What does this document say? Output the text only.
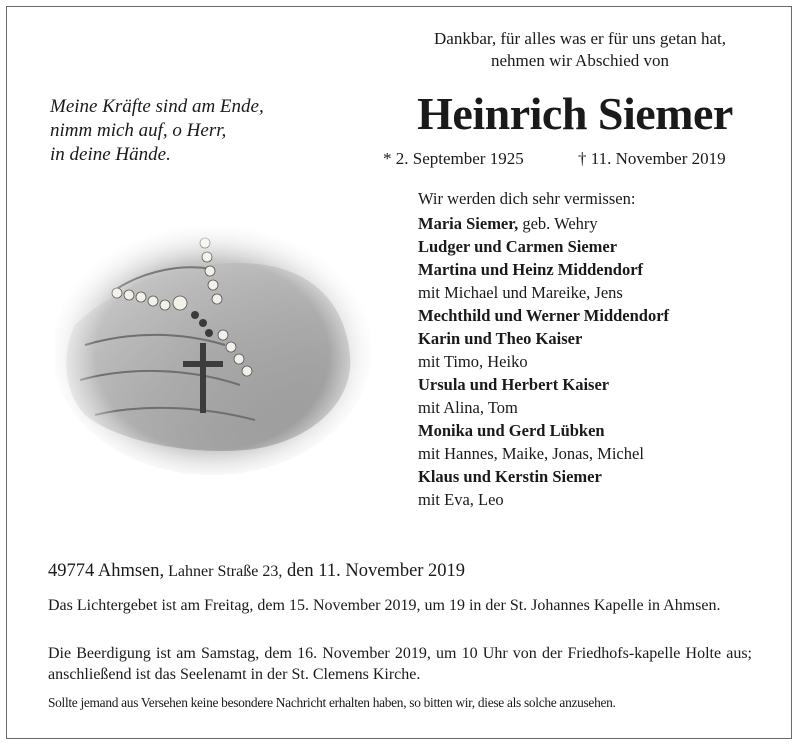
Dankbar, für alles was er für uns getan hat,
nehmen wir Abschied von
Meine Kräfte sind am Ende,
nimm mich auf, o Herr,
in deine Hände.
Heinrich Siemer
* 2. September 1925	† 11. November 2019
Wir werden dich sehr vermissen:
Maria Siemer, geb. Wehry
Ludger und Carmen Siemer
Martina und Heinz Middendorf
mit Michael und Mareike, Jens
Mechthild und Werner Middendorf
Karin und Theo Kaiser
mit Timo, Heiko
Ursula und Herbert Kaiser
mit Alina, Tom
Monika und Gerd Lübken
mit Hannes, Maike, Jonas, Michel
Klaus und Kerstin Siemer
mit Eva, Leo
49774 Ahmsen, Lahner Straße 23, den 11. November 2019
Das Lichtergebet ist am Freitag, dem 15. November 2019, um 19 in der St. Johannes Kapelle in Ahmsen.
Die Beerdigung ist am Samstag, dem 16. November 2019, um 10 Uhr von der Friedhofs-kapelle Holte aus; anschließend ist das Seelenamt in der St. Clemens Kirche.
Sollte jemand aus Versehen keine besondere Nachricht erhalten haben, so bitten wir, diese als solche anzusehen.
